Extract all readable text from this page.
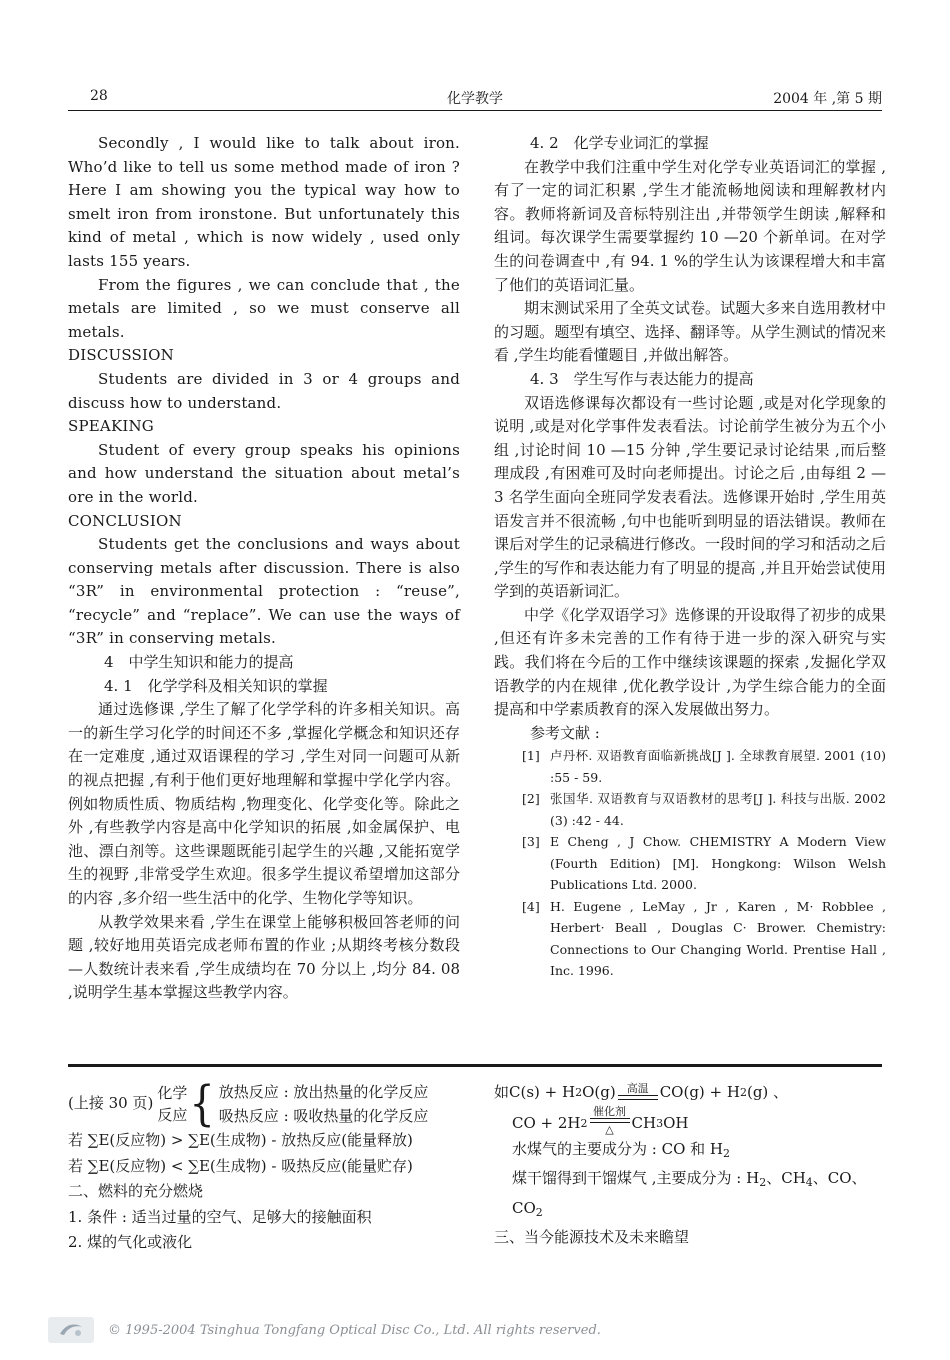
28	化学教学	2004 年 ,第 5 期

Secondly , I would like to talk about iron. Who’d like to tell us some method made of iron ? Here I am showing you the typical way how to smelt iron from ironstone. But unfortunately this kind of metal , which is now widely , used only lasts 155 years.

From the figures , we can conclude that , the metals are limited , so we must conserve all metals.

DISCUSSION

Students are divided in 3 or 4 groups and discuss how to understand.

SPEAKING

Student of every group speaks his opinions and how understand the situation about metal’s ore in the world.

CONCLUSION

Students get the conclusions and ways about conserving metals after discussion. There is also “3R” in environmental protection : “reuse”, “recycle” and “replace”. We can use the ways of “3R” in conserving metals.

4　中学生知识和能力的提高

4. 1　化学学科及相关知识的掌握

通过选修课 ,学生了解了化学学科的许多相关知识。高一的新生学习化学的时间还不多 ,掌握化学概念和知识还存在一定难度 ,通过双语课程的学习 ,学生对同一问题可从新的视点把握 ,有利于他们更好地理解和掌握中学化学内容。例如物质性质、物质结构 ,物理变化、化学变化等。除此之外 ,有些教学内容是高中化学知识的拓展 ,如金属保护、电池、漂白剂等。这些课题既能引起学生的兴趣 ,又能拓宽学生的视野 ,非常受学生欢迎。很多学生提议希望增加这部分的内容 ,多介绍一些生活中的化学、生物化学等知识。

从教学效果来看 ,学生在课堂上能够积极回答老师的问题 ,较好地用英语完成老师布置的作业 ;从期终考核分数段 —人数统计表来看 ,学生成绩均在 70 分以上 ,均分 84. 08 ,说明学生基本掌握这些教学内容。

4. 2　化学专业词汇的掌握

在教学中我们注重中学生对化学专业英语词汇的掌握 ,有了一定的词汇积累 ,学生才能流畅地阅读和理解教材内容。教师将新词及音标特别注出 ,并带领学生朗读 ,解释和组词。每次课学生需要掌握约 10 —20 个新单词。在对学生的问卷调查中 ,有 94. 1 %的学生认为该课程增大和丰富了他们的英语词汇量。

期末测试采用了全英文试卷。试题大多来自选用教材中的习题。题型有填空、选择、翻译等。从学生测试的情况来看 ,学生均能看懂题目 ,并做出解答。

4. 3　学生写作与表达能力的提高

双语选修课每次都设有一些讨论题 ,或是对化学现象的说明 ,或是对化学事件发表看法。讨论前学生被分为五个小组 ,讨论时间 10 —15 分钟 ,学生要记录讨论结果 ,而后整理成段 ,有困难可及时向老师提出。讨论之后 ,由每组 2 —3 名学生面向全班同学发表看法。选修课开始时 ,学生用英语发言并不很流畅 ,句中也能听到明显的语法错误。教师在课后对学生的记录稿进行修改。一段时间的学习和活动之后 ,学生的写作和表达能力有了明显的提高 ,并且开始尝试使用学到的英语新词汇。

中学《化学双语学习》选修课的开设取得了初步的成果 ,但还有许多未完善的工作有待于进一步的深入研究与实践。我们将在今后的工作中继续该课题的探索 ,发掘化学双语教学的内在规律 ,优化教学设计 ,为学生综合能力的全面提高和中学素质教育的深入发展做出努力。

参考文献 :

[1] 卢丹杯. 双语教育面临新挑战[J ]. 全球教育展望. 2001 (10) :55 - 59.

[2] 张国华. 双语教育与双语教材的思考[J ]. 科技与出版. 2002 (3) :42 - 44.

[3] E Cheng , J Chow. CHEMISTRY A Modern View (Fourth Edition) [M]. Hongkong: Wilson Welsh Publications Ltd. 2000.

[4] H. Eugene , LeMay , Jr , Karen , M· Robblee , Herbert· Beall , Douglas C· Brower. Chemistry: Connections to Our Changing World. Prentise Hall , Inc. 1996.

(上接 30 页)
化学
反应 { 放热反应 : 放出热量的化学反应
吸热反应 : 吸收热量的化学反应

若 ∑E(反应物) > ∑E(生成物) - 放热反应(能量释放)

若 ∑E(反应物) < ∑E(生成物) - 吸热反应(能量贮存)

二、燃料的充分燃烧

1. 条件 : 适当过量的空气、足够大的接触面积

2. 煤的气化或液化

如C(s) + H 2 O(g) 高温 CO(g) + H 2 (g) 、
CO + 2H 2
催化剂
△ CH 3 OH

水煤气的主要成分为 : CO 和 $H_2$

煤干馏得到干馏煤气 ,主要成分为 : $H_2$、$CH_4$、CO、

$CO_2$

三、当今能源技术及未来瞻望

© 1995-2004 Tsinghua Tongfang Optical Disc Co., Ltd. All rights reserved.
